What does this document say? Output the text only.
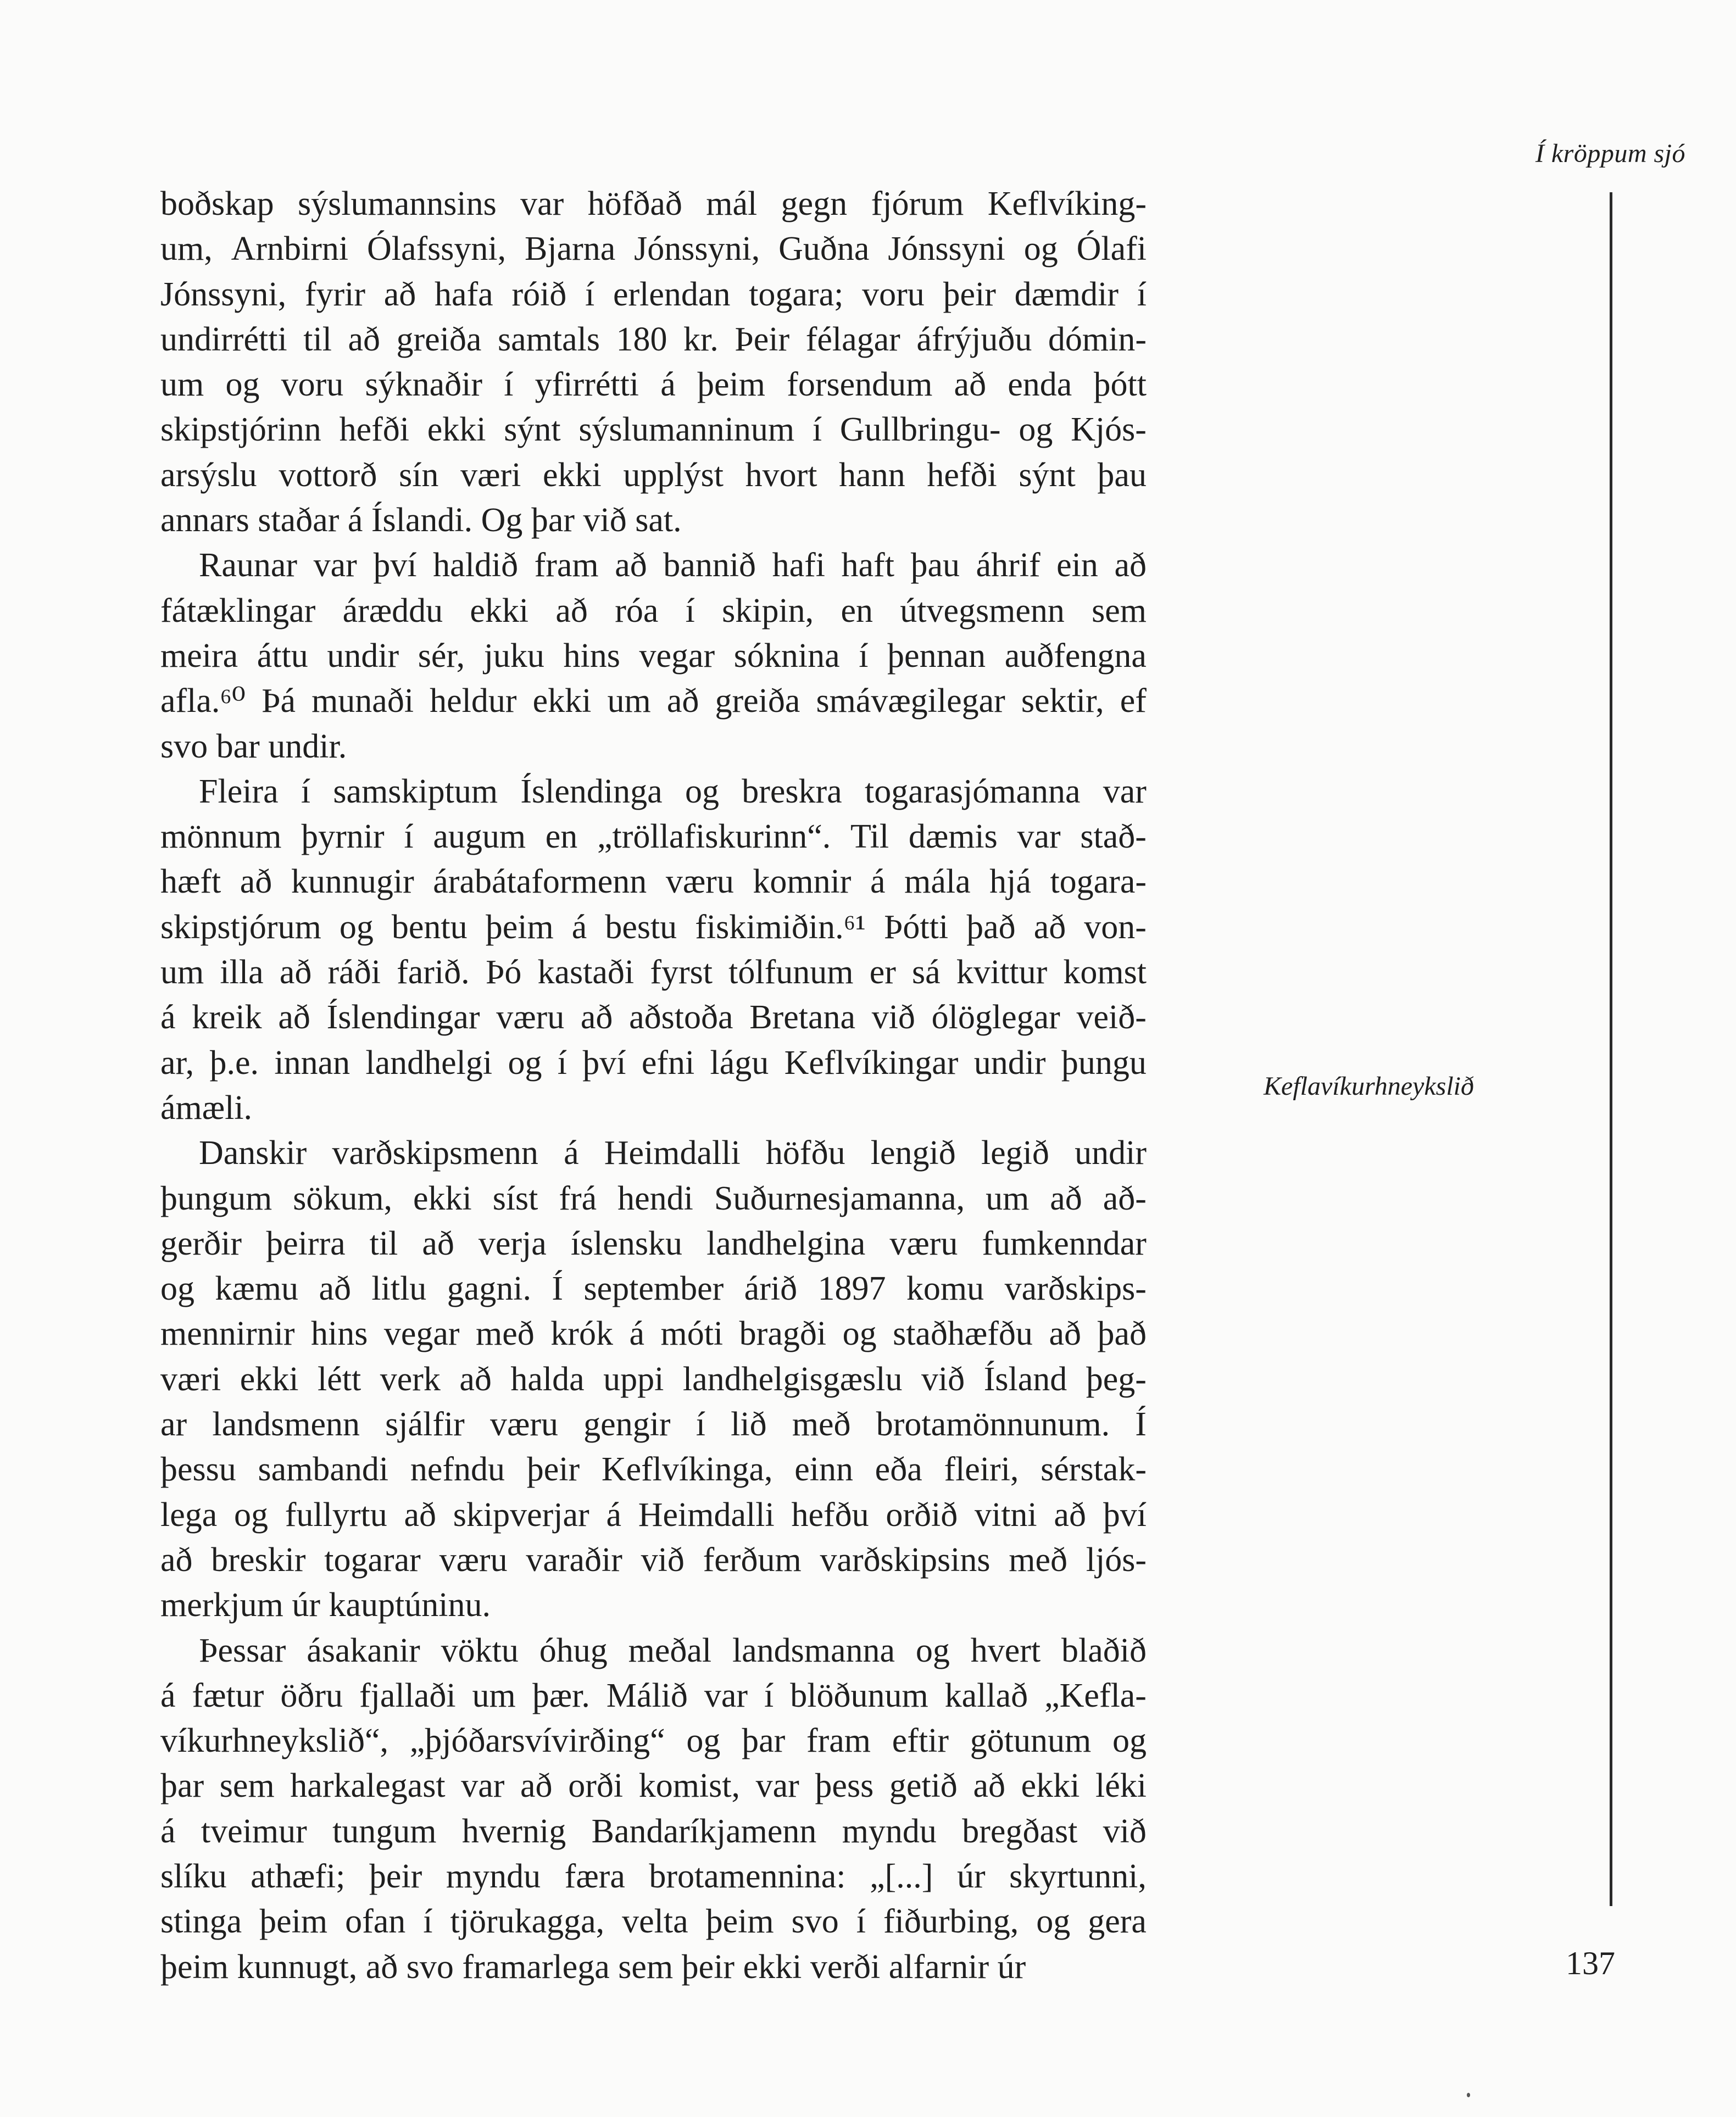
Í kröppum sjó
Keflavíkurhneykslið
boðskap sýslumannsins var höfðað mál gegn fjórum Keflvíking-
um, Arnbirni Ólafssyni, Bjarna Jónssyni, Guðna Jónssyni og Ólafi
Jónssyni, fyrir að hafa róið í erlendan togara; voru þeir dæmdir í
undirrétti til að greiða samtals 180 kr. Þeir félagar áfrýjuðu dómin-
um og voru sýknaðir í yfirrétti á þeim forsendum að enda þótt
skipstjórinn hefði ekki sýnt sýslumanninum í Gullbringu- og Kjós-
arsýslu vottorð sín væri ekki upplýst hvort hann hefði sýnt þau
annars staðar á Íslandi. Og þar við sat.
Raunar var því haldið fram að bannið hafi haft þau áhrif ein að
fátæklingar áræddu ekki að róa í skipin, en útvegsmenn sem
meira áttu undir sér, juku hins vegar sóknina í þennan auðfengna
afla.⁶⁰ Þá munaði heldur ekki um að greiða smávægilegar sektir, ef
svo bar undir.
Fleira í samskiptum Íslendinga og breskra togarasjómanna var
mönnum þyrnir í augum en „tröllafiskurinn“. Til dæmis var stað-
hæft að kunnugir árabátaformenn væru komnir á mála hjá togara-
skipstjórum og bentu þeim á bestu fiskimiðin.⁶¹ Þótti það að von-
um illa að ráði farið. Þó kastaði fyrst tólfunum er sá kvittur komst
á kreik að Íslendingar væru að aðstoða Bretana við ólöglegar veið-
ar, þ.e. innan landhelgi og í því efni lágu Keflvíkingar undir þungu
ámæli.
Danskir varðskipsmenn á Heimdalli höfðu lengið legið undir
þungum sökum, ekki síst frá hendi Suðurnesjamanna, um að að-
gerðir þeirra til að verja íslensku landhelgina væru fumkenndar
og kæmu að litlu gagni. Í september árið 1897 komu varðskips-
mennirnir hins vegar með krók á móti bragði og staðhæfðu að það
væri ekki létt verk að halda uppi landhelgisgæslu við Ísland þeg-
ar landsmenn sjálfir væru gengir í lið með brotamönnunum. Í
þessu sambandi nefndu þeir Keflvíkinga, einn eða fleiri, sérstak-
lega og fullyrtu að skipverjar á Heimdalli hefðu orðið vitni að því
að breskir togarar væru varaðir við ferðum varðskipsins með ljós-
merkjum úr kauptúninu.
Þessar ásakanir vöktu óhug meðal landsmanna og hvert blaðið
á fætur öðru fjallaði um þær. Málið var í blöðunum kallað „Kefla-
víkurhneykslið“, „þjóðarsvívirðing“ og þar fram eftir götunum og
þar sem harkalegast var að orði komist, var þess getið að ekki léki
á tveimur tungum hvernig Bandaríkjamenn myndu bregðast við
slíku athæfi; þeir myndu færa brotamennina: „[...] úr skyrtunni,
stinga þeim ofan í tjörukagga, velta þeim svo í fiðurbing, og gera
þeim kunnugt, að svo framarlega sem þeir ekki verði alfarnir úr	137
